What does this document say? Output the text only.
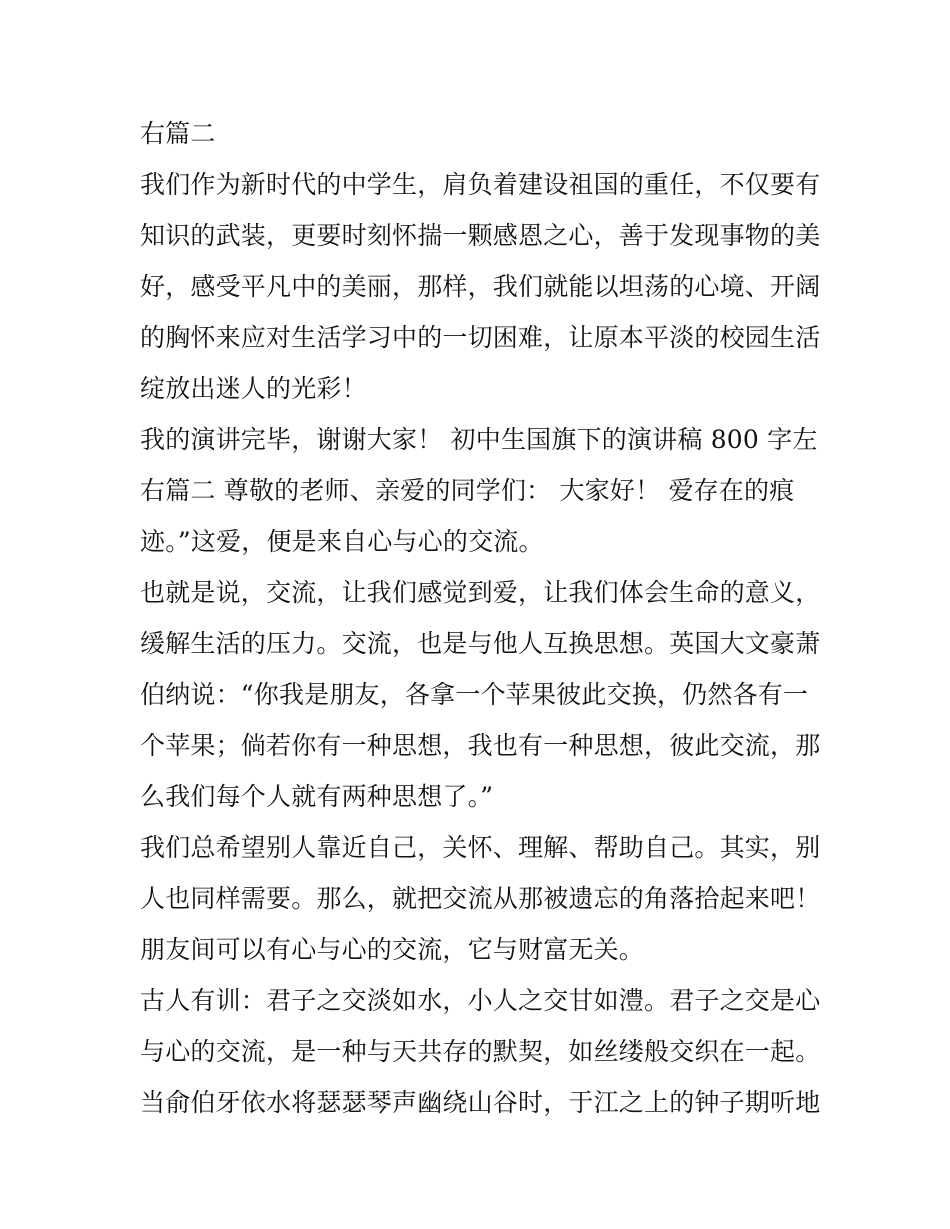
右篇二
我们作为新时代的中学生，肩负着建设祖国的重任，不仅要有
知识的武装，更要时刻怀揣一颗感恩之心，善于发现事物的美
好，感受平凡中的美丽，那样，我们就能以坦荡的心境、开阔
的胸怀来应对生活学习中的一切困难，让原本平淡的校园生活
绽放出迷人的光彩！
我的演讲完毕，谢谢大家！ 初中生国旗下的演讲稿 800 字左
右篇二 尊敬的老师、亲爱的同学们： 大家好！ 爱存在的痕
迹。”这爱，便是来自心与心的交流。
也就是说，交流，让我们感觉到爱，让我们体会生命的意义，
缓解生活的压力。交流，也是与他人互换思想。英国大文豪萧
伯纳说：“你我是朋友，各拿一个苹果彼此交换，仍然各有一
个苹果；倘若你有一种思想，我也有一种思想，彼此交流，那
么我们每个人就有两种思想了。”
我们总希望别人靠近自己，关怀、理解、帮助自己。其实，别
人也同样需要。那么，就把交流从那被遗忘的角落拾起来吧！
朋友间可以有心与心的交流，它与财富无关。
古人有训：君子之交淡如水，小人之交甘如澧。君子之交是心
与心的交流，是一种与天共存的默契，如丝缕般交织在一起。
当俞伯牙依水将瑟瑟琴声幽绕山谷时，于江之上的钟子期听地
